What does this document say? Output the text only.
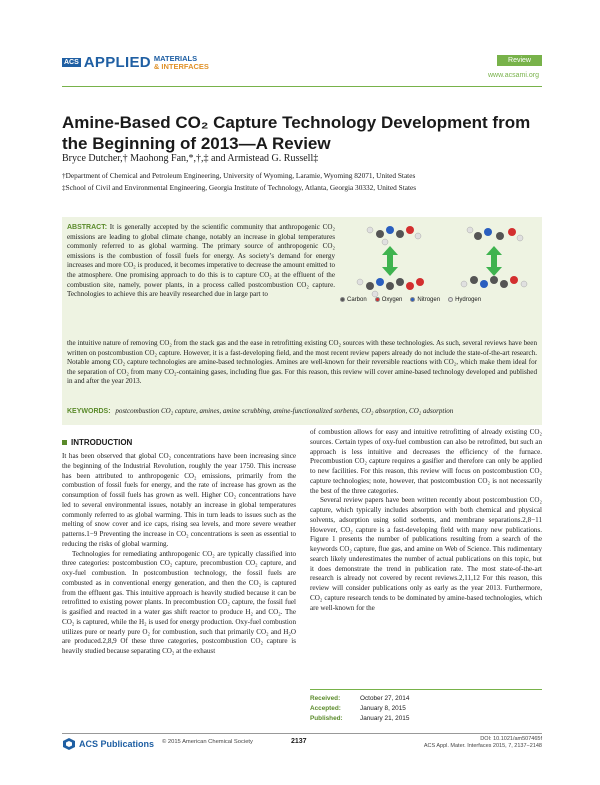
ACS APPLIED MATERIALS
& INTERFACES
Review
www.acsami.org
Amine-Based CO₂ Capture Technology Development from the Beginning of 2013—A Review
Bryce Dutcher,† Maohong Fan,*,†,‡ and Armistead G. Russell‡
†Department of Chemical and Petroleum Engineering, University of Wyoming, Laramie, Wyoming 82071, United States
‡School of Civil and Environmental Engineering, Georgia Institute of Technology, Atlanta, Georgia 30332, United States
ABSTRACT: It is generally accepted by the scientific community that anthropogenic CO₂ emissions are leading to global climate change, notably an increase in global temperatures commonly referred to as global warming. The primary source of anthropogenic CO₂ emissions is the combustion of fossil fuels for energy. As society’s demand for energy increases and more CO₂ is produced, it becomes imperative to decrease the amount emitted to the atmosphere. One promising approach to do this is to capture CO₂ at the effluent of the combustion site, namely, power plants, in a process called postcombustion CO₂ capture. Technologies to achieve this are heavily researched due in large part to
Carbon	Oxygen	Nitrogen	Hydrogen
the intuitive nature of removing CO₂ from the stack gas and the ease in retrofitting existing CO₂ sources with these technologies. As such, several reviews have been written on postcombustion CO₂ capture. However, it is a fast-developing field, and the most recent review papers already do not include the state-of-the-art research. Notable among CO₂ capture technologies are amine-based technologies. Amines are well-known for their reversible reactions with CO₂, which make them ideal for the separation of CO₂ from many CO₂-containing gases, including flue gas. For this reason, this review will cover amine-based technology developed and published in and after the year 2013.
KEYWORDS: postcombustion CO₂ capture, amines, amine scrubbing, amine-functionalized sorbents, CO₂ absorption, CO₂ adsorption
INTRODUCTION

It has been observed that global CO₂ concentrations have been increasing since the beginning of the Industrial Revolution, roughly the year 1750. This increase has been attributed to anthropogenic CO₂ emissions, primarily from the combustion of fossil fuels for energy, and the rate of increase has grown as the consumption of fossil fuels has grown as well. Higher CO₂ concentrations have led to several environmental issues, notably an increase in global temperatures commonly referred to as global warming. This in turn leads to issues such as the melting of snow cover and ice caps, rising sea levels, and more severe weather patterns.1−9 Preventing the increase in CO₂ concentrations is seen as essential to reducing the risks of global warming.

Technologies for remediating anthropogenic CO₂ are typically classified into three categories: postcombustion CO₂ capture, precombustion CO₂ capture, and oxy-fuel combustion. In postcombustion technology, the fossil fuels are combusted as in conventional energy generation, and then the CO₂ is captured from the effluent gas. This intuitive approach is heavily studied because it can be retrofitted to existing power plants. In precombustion CO₂ capture, the fossil fuel is gasified and reacted in a water gas shift reactor to produce H₂ and CO₂. The CO₂ is captured, while the H₂ is used for energy production. Oxy-fuel combustion utilizes pure or nearly pure O₂ for combustion, such that primarily CO₂ and H₂O are produced.2,8,9 Of these three categories, postcombustion CO₂ capture is heavily studied because separating CO₂ at the exhaust

of combustion allows for easy and intuitive retrofitting of already existing CO₂ sources. Certain types of oxy-fuel combustion can also be retrofitted, but such an approach is less intuitive and decreases the efficiency of the furnace. Precombustion CO₂ capture requires a gasifier and therefore can only be applied to new facilities. For this reason, this review will focus on postcombustion CO₂ capture technologies; note, however, that postcombustion CO₂ is not necessarily the best of the three categories.

Several review papers have been written recently about postcombustion CO₂ capture, which typically includes absorption with both chemical and physical solvents, adsorption using solid sorbents, and membrane separations.2,8−11 However, CO₂ capture is a fast-developing field with many new publications. Figure 1 presents the number of publications resulting from a search of the keywords CO₂ capture, flue gas, and amine on Web of Science. This rudimentary search likely underestimates the number of actual publications on this topic, but it does demonstrate the trend in publication rate. The most state-of-the-art research is already not covered by recent reviews.2,11,12 For this reason, this review will consider publications only as early as the year 2013. Furthermore, CO₂ capture research tends to be dominated by amine-based technologies, which are well-known for the

Received:	October 27, 2014
Accepted:	January 8, 2015
Published:	January 21, 2015
ACS Publications © 2015 American Chemical Society	2137	DOI: 10.1021/am507465f
ACS Appl. Mater. Interfaces 2015, 7, 2137−2148
